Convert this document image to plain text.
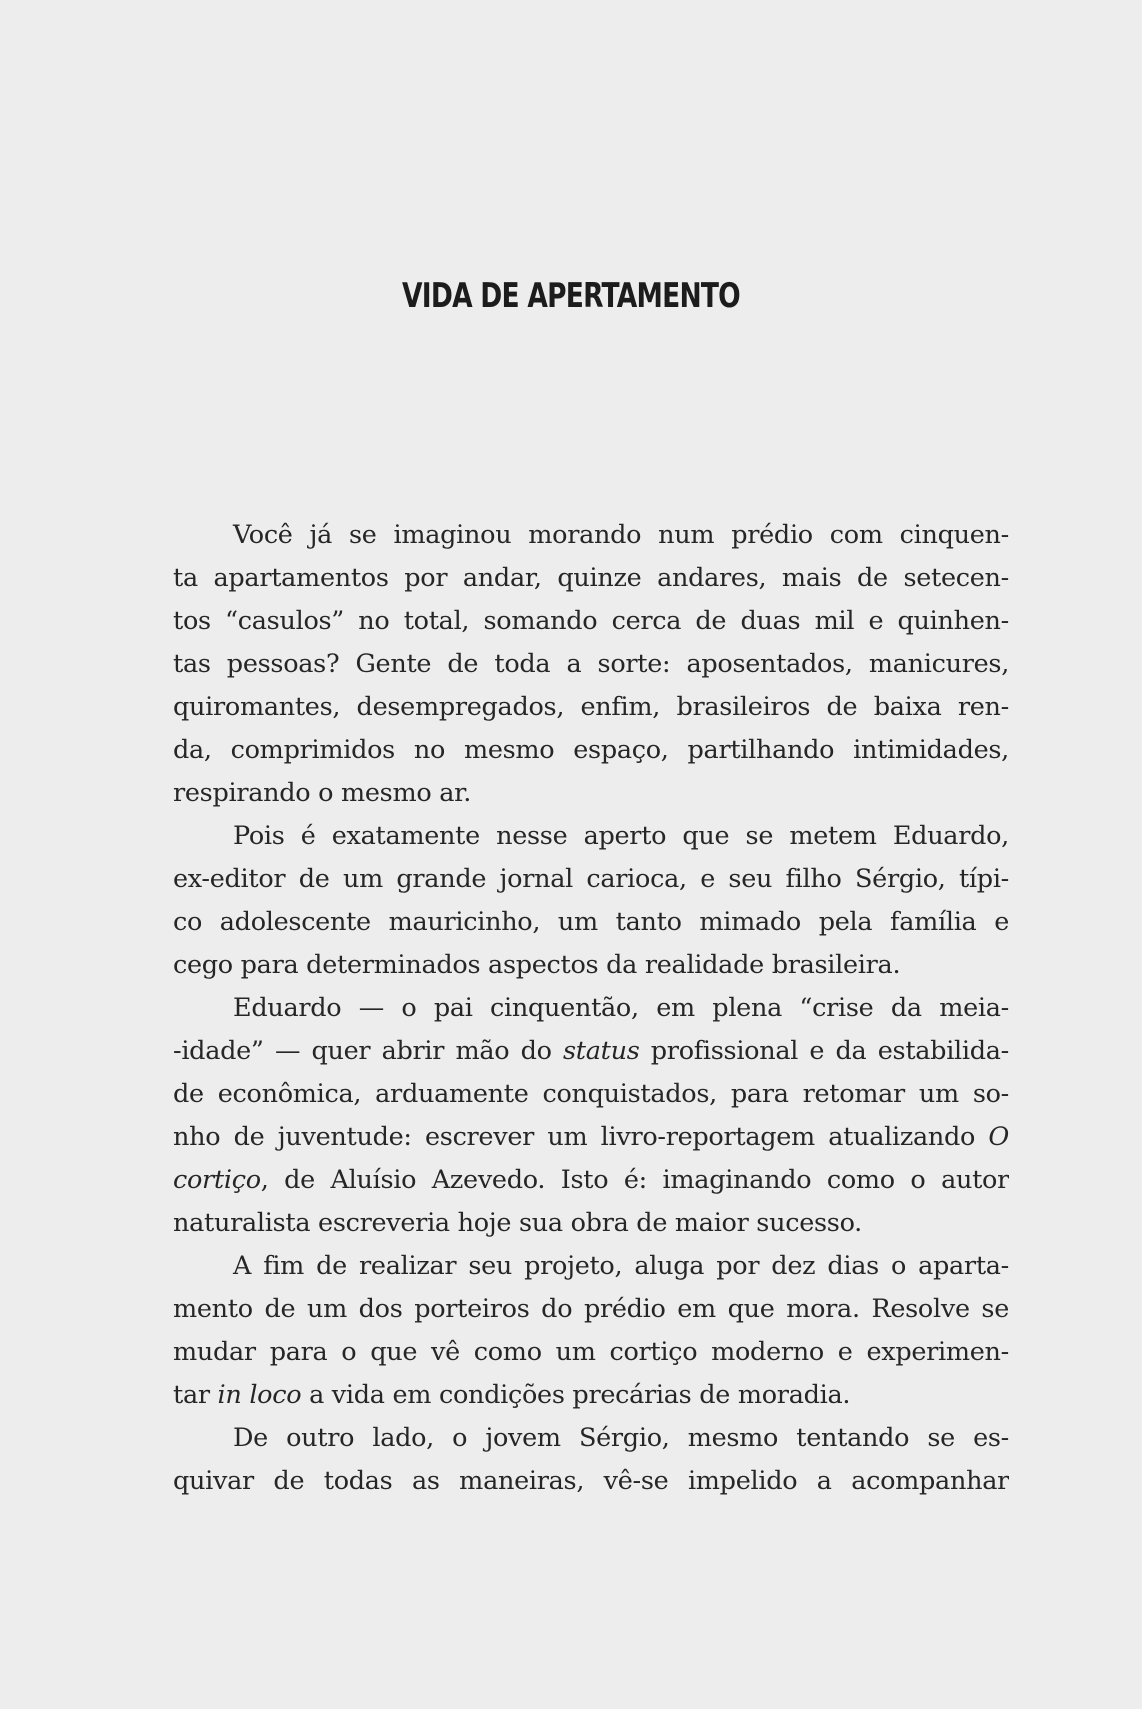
VIDA DE APERTAMENTO
Você já se imaginou morando num prédio com cinquen-
ta apartamentos por andar, quinze andares, mais de setecen-
tos “casulos” no total, somando cerca de duas mil e quinhen-
tas pessoas? Gente de toda a sorte: aposentados, manicures,
quiromantes, desempregados, enfim, brasileiros de baixa ren-
da, comprimidos no mesmo espaço, partilhando intimidades,
respirando o mesmo ar.
Pois é exatamente nesse aperto que se metem Eduardo,
ex-editor de um grande jornal carioca, e seu filho Sérgio, típi-
co adolescente mauricinho, um tanto mimado pela família e
cego para determinados aspectos da realidade brasileira.
Eduardo — o pai cinquentão, em plena “crise da meia-
-idade” — quer abrir mão do status profissional e da estabilida-
de econômica, arduamente conquistados, para retomar um so-
nho de juventude: escrever um livro-reportagem atualizando O
cortiço, de Aluísio Azevedo. Isto é: imaginando como o autor
naturalista escreveria hoje sua obra de maior sucesso.
A fim de realizar seu projeto, aluga por dez dias o aparta-
mento de um dos porteiros do prédio em que mora. Resolve se
mudar para o que vê como um cortiço moderno e experimen-
tar in loco a vida em condições precárias de moradia.
De outro lado, o jovem Sérgio, mesmo tentando se es-
quivar de todas as maneiras, vê-se impelido a acompanhar
